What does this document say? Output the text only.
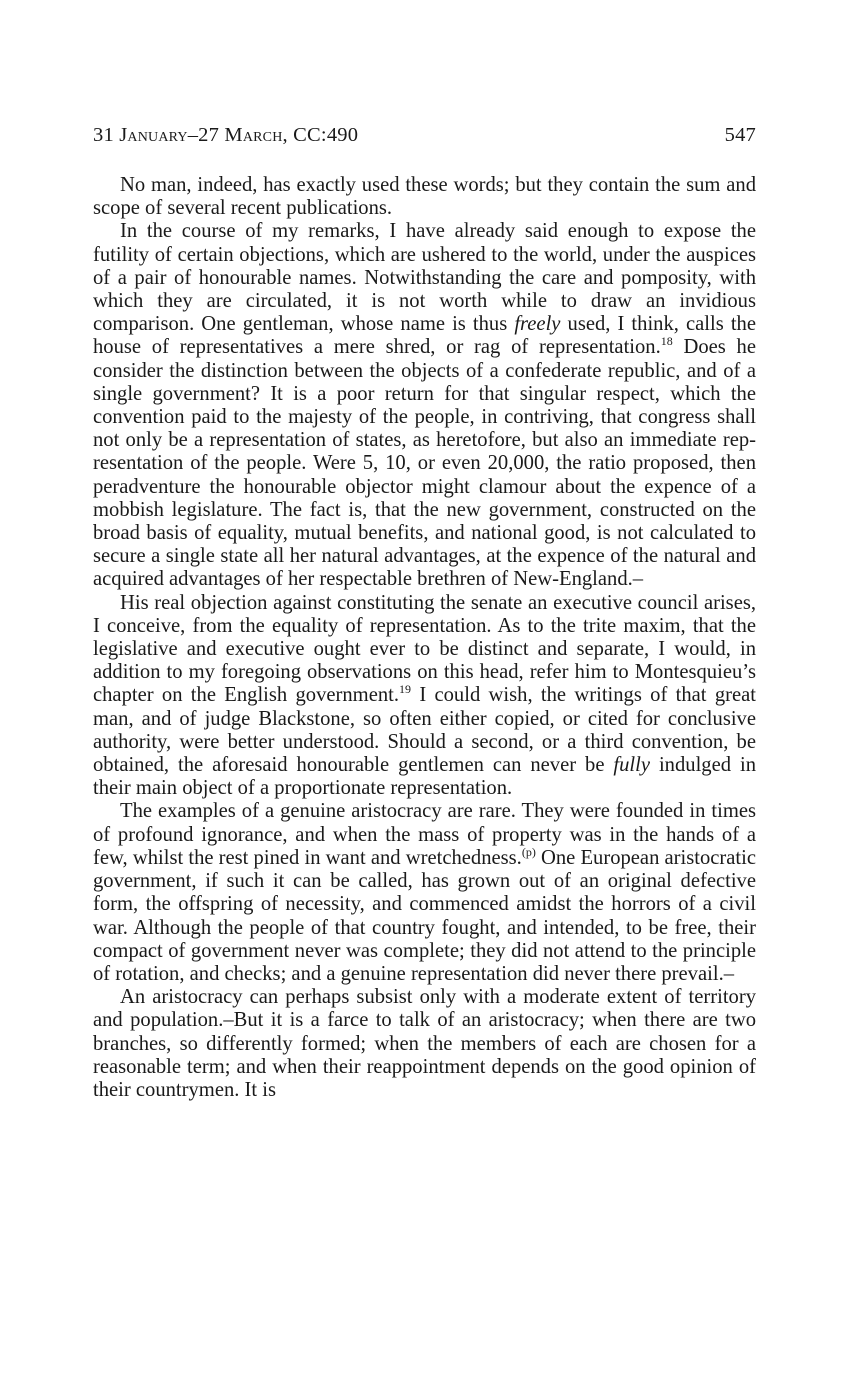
31 January–27 March, CC:490	547

No man, indeed, has exactly used these words; but they contain the sum and scope of several recent publications.

In the course of my remarks, I have already said enough to expose the futility of certain objections, which are ushered to the world, under the auspices of a pair of honourable names. Notwithstanding the care and pomposity, with which they are circulated, it is not worth while to draw an invidious comparison. One gentleman, whose name is thus freely used, I think, calls the house of representatives a mere shred, or rag of representation.$^{18}$ Does he consider the distinction between the objects of a confederate republic, and of a single government? It is a poor return for that singular respect, which the convention paid to the majesty of the people, in contriving, that congress shall not only be a representation of states, as heretofore, but also an immediate representation of the people. Were 5, 10, or even 20,000, the ratio proposed, then peradventure the honourable objector might clamour about the expence of a mobbish legislature. The fact is, that the new government, constructed on the broad basis of equality, mutual benefits, and national good, is not calculated to secure a single state all her natural advantages, at the expence of the natural and acquired advantages of her respectable brethren of New-England.–

His real objection against constituting the senate an executive council arises, I conceive, from the equality of representation. As to the trite maxim, that the legislative and executive ought ever to be distinct and separate, I would, in addition to my foregoing observations on this head, refer him to Montesquieu’s chapter on the English government.$^{19}$ I could wish, the writings of that great man, and of judge Blackstone, so often either copied, or cited for conclusive authority, were better understood. Should a second, or a third convention, be obtained, the aforesaid honourable gentlemen can never be fully indulged in their main object of a proportionate representation.

The examples of a genuine aristocracy are rare. They were founded in times of profound ignorance, and when the mass of property was in the hands of a few, whilst the rest pined in want and wretchedness.$^{(p)}$ One European aristocratic government, if such it can be called, has grown out of an original defective form, the offspring of necessity, and commenced amidst the horrors of a civil war. Although the people of that country fought, and intended, to be free, their compact of government never was complete; they did not attend to the principle of rotation, and checks; and a genuine representation did never there prevail.–

An aristocracy can perhaps subsist only with a moderate extent of territory and population.–But it is a farce to talk of an aristocracy; when there are two branches, so differently formed; when the members of each are chosen for a reasonable term; and when their reappointment depends on the good opinion of their countrymen. It is
